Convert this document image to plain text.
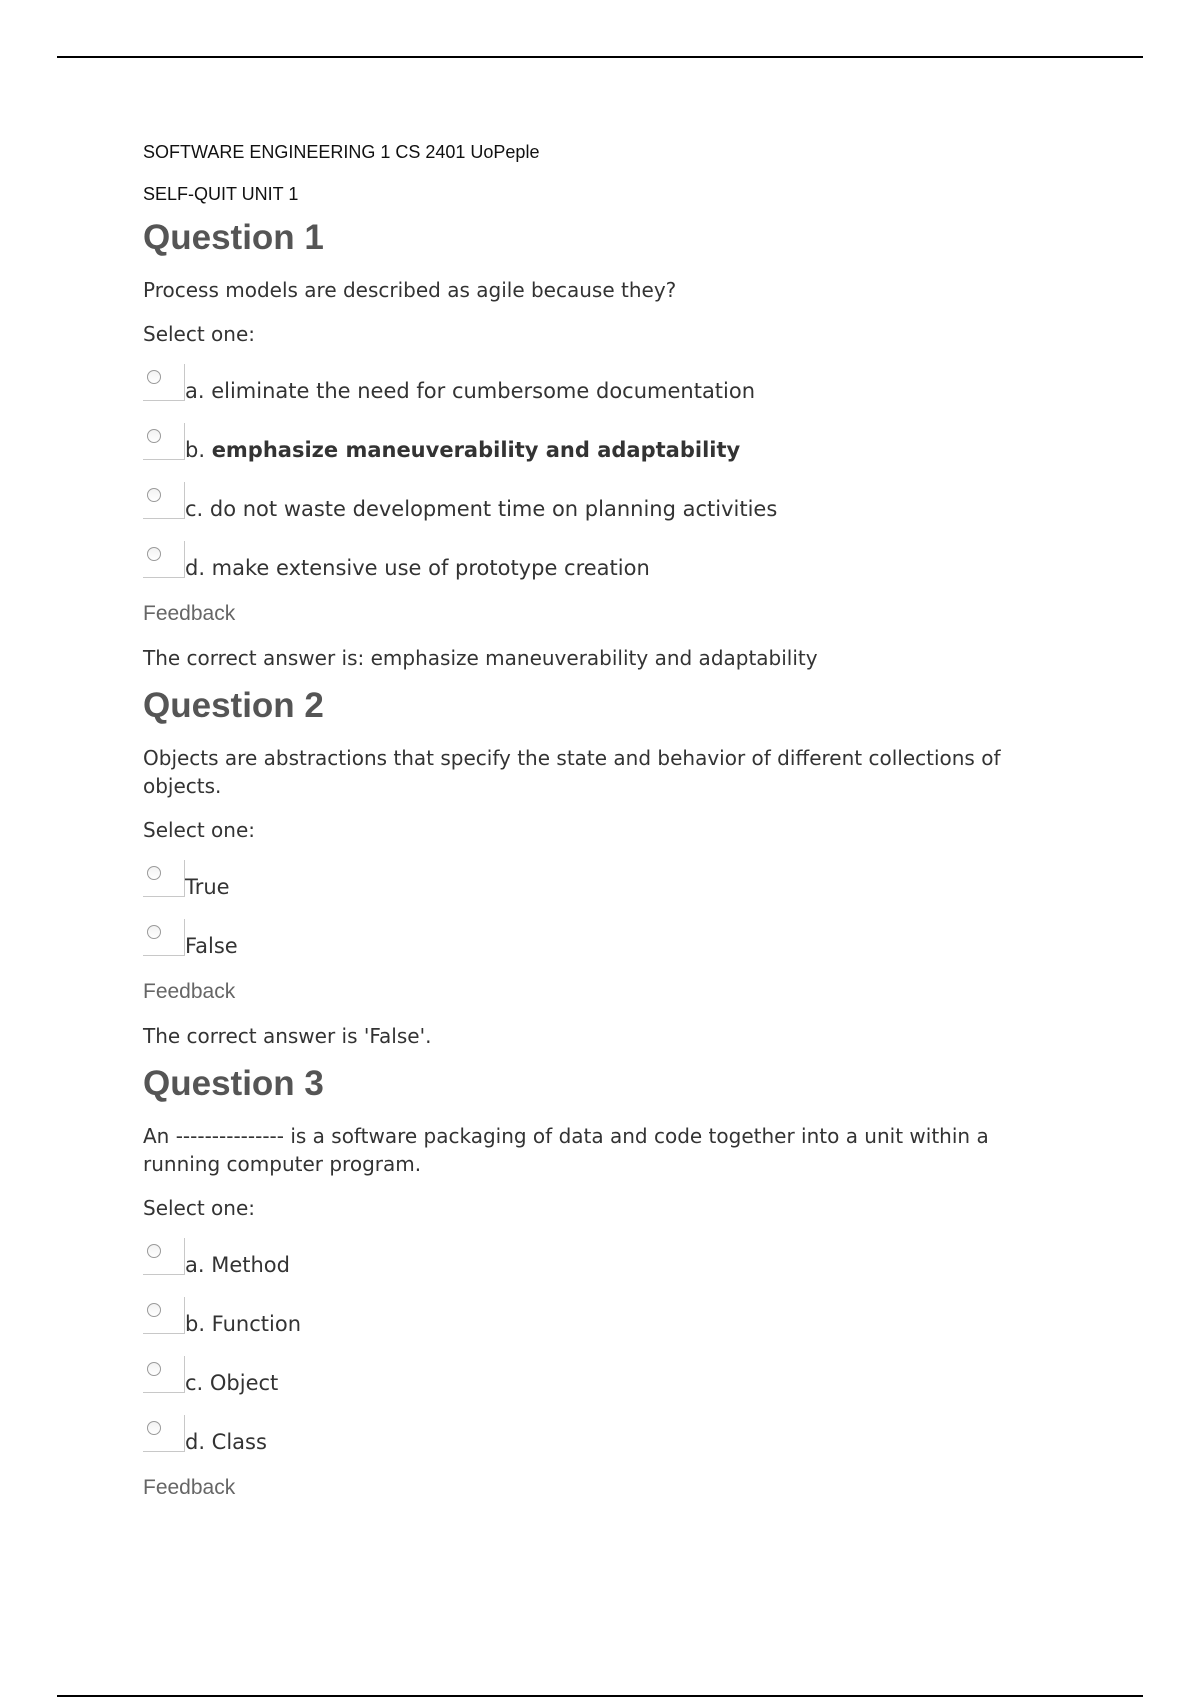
SOFTWARE ENGINEERING 1 CS 2401 UoPeple

SELF-QUIT UNIT 1

Question 1

Process models are described as agile because they?

Select one:

a. eliminate the need for cumbersome documentation
b. emphasize maneuverability and adaptability
c. do not waste development time on planning activities
d. make extensive use of prototype creation

Feedback

The correct answer is: emphasize maneuverability and adaptability

Question 2

Objects are abstractions that specify the state and behavior of different collections of objects.

Select one:

True
False

Feedback

The correct answer is 'False'.

Question 3

An --------------- is a software packaging of data and code together into a unit within a running computer program.

Select one:

a. Method
b. Function
c. Object
d. Class

Feedback
